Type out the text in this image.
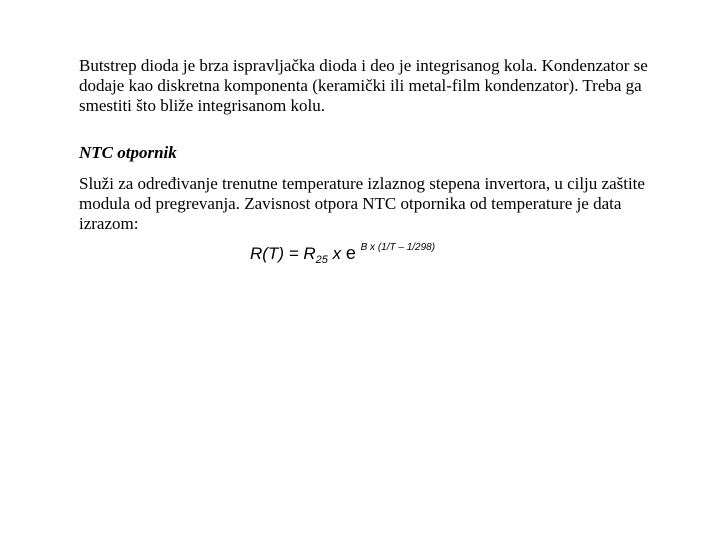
Butstrep dioda je brza ispravljačka dioda i deo je integrisanog kola. Kondenzator se
dodaje kao diskretna komponenta (keramički ili metal-film kondenzator). Treba ga
smestiti što bliže integrisanom kolu.
NTC otpornik
Služi za određivanje trenutne temperature izlaznog stepena invertora, u cilju zaštite
modula od pregrevanja. Zavisnost otpora NTC otpornika od temperature je data
izrazom:
$R(T) = R_{25}$ x e $^{B x (1/T - 1/298)}$
